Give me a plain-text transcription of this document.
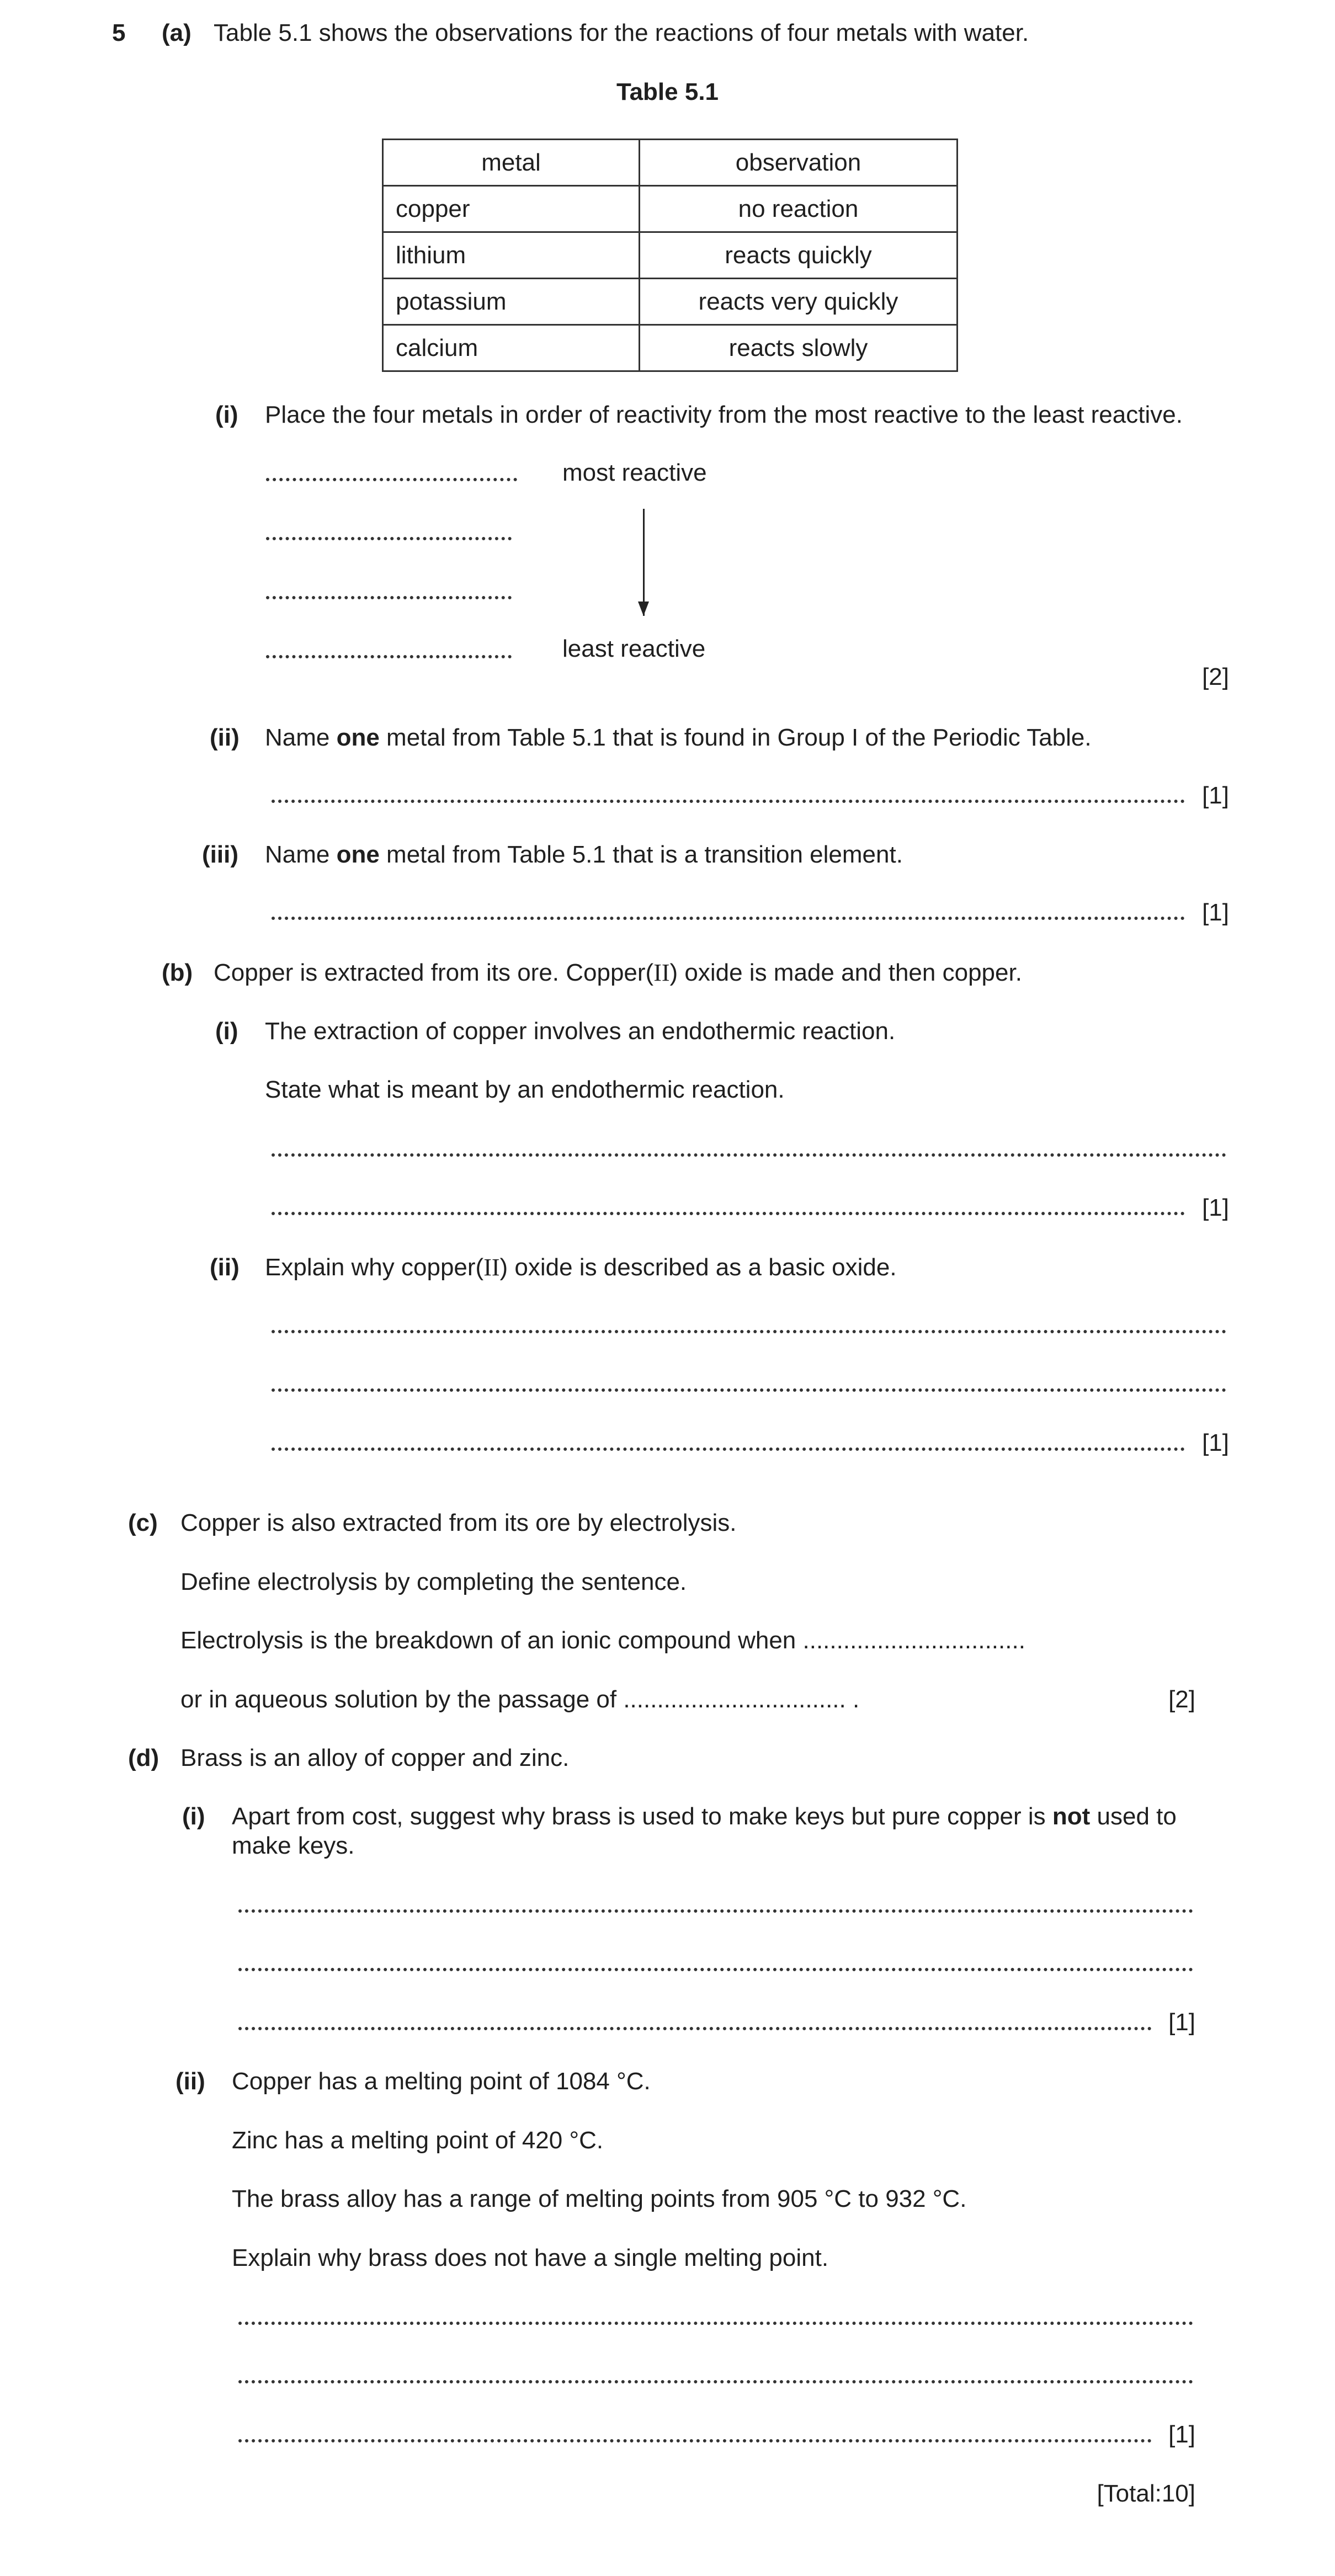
5 (a) Table 5.1 shows the observations for the reactions of four metals with water.
Table 5.1
metal	observation
copper	no reaction
lithium	reacts quickly
potassium	reacts very quickly
calcium	reacts slowly
(i) Place the four metals in order of reactivity from the most reactive to the least reactive.
most reactive
least reactive
[2]
(ii) Name one metal from Table 5.1 that is found in Group I of the Periodic Table.
[1]
(iii) Name one metal from Table 5.1 that is a transition element.
[1]
(b) Copper is extracted from its ore. Copper(II) oxide is made and then copper.
(i) The extraction of copper involves an endothermic reaction.
State what is meant by an endothermic reaction.
[1]
(ii) Explain why copper(II) oxide is described as a basic oxide.
[1]
(c) Copper is also extracted from its ore by electrolysis.
Define electrolysis by completing the sentence.
Electrolysis is the breakdown of an ionic compound when .................................
or in aqueous solution by the passage of ................................. .	[2]
(d) Brass is an alloy of copper and zinc.
(i) Apart from cost, suggest why brass is used to make keys but pure copper is not used to
make keys.
[1]
(ii) Copper has a melting point of 1084 °C.
Zinc has a melting point of 420 °C.
The brass alloy has a range of melting points from 905 °C to 932 °C.
Explain why brass does not have a single melting point.
[1]
[Total:10]
